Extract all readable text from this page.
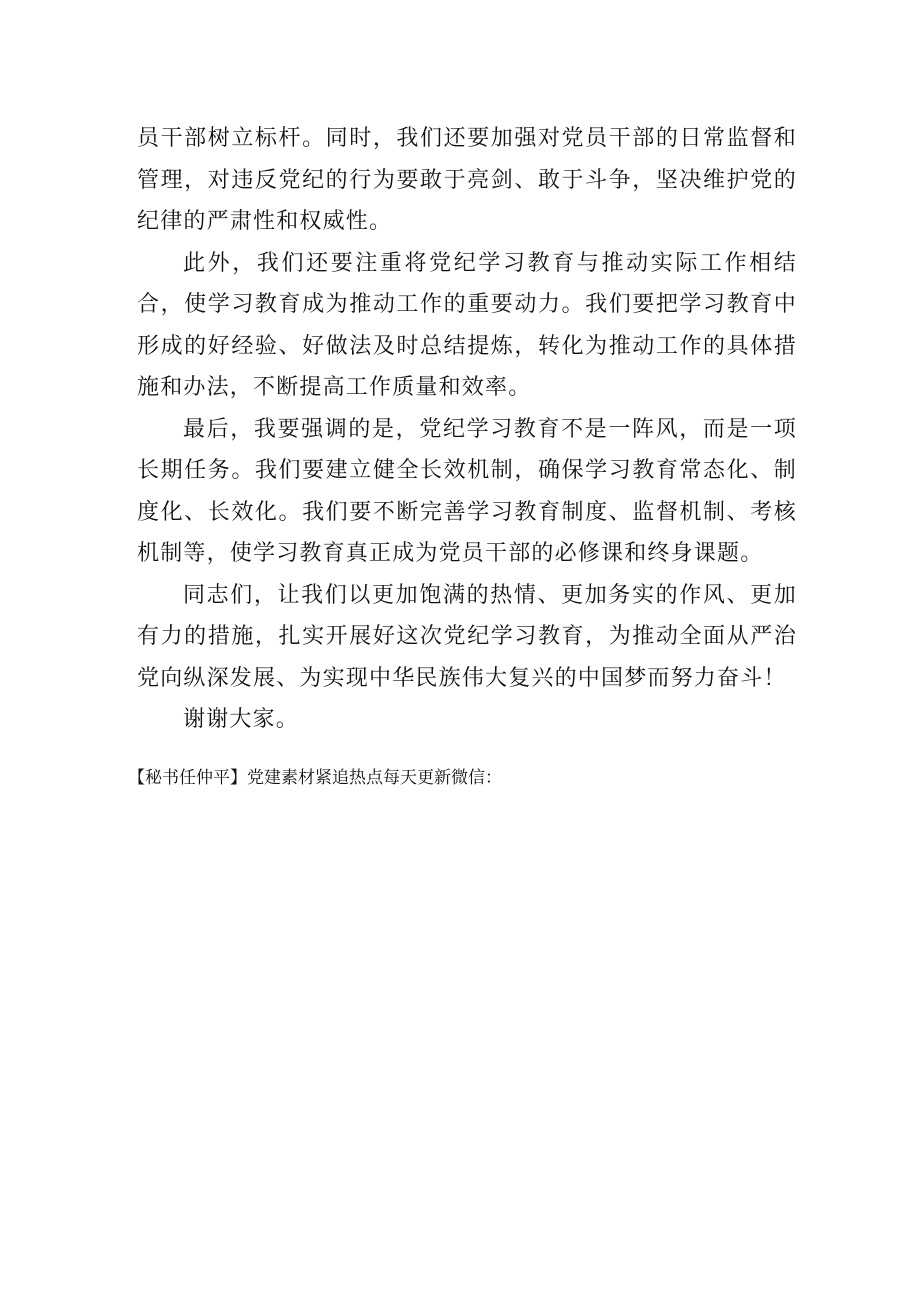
员干部树立标杆。同时，我们还要加强对党员干部的日常监督和管理，对违反党纪的行为要敢于亮剑、敢于斗争，坚决维护党的纪律的严肃性和权威性。

此外，我们还要注重将党纪学习教育与推动实际工作相结合，使学习教育成为推动工作的重要动力。我们要把学习教育中形成的好经验、好做法及时总结提炼，转化为推动工作的具体措施和办法，不断提高工作质量和效率。

最后，我要强调的是，党纪学习教育不是一阵风，而是一项长期任务。我们要建立健全长效机制，确保学习教育常态化、制度化、长效化。我们要不断完善学习教育制度、监督机制、考核机制等，使学习教育真正成为党员干部的必修课和终身课题。

同志们，让我们以更加饱满的热情、更加务实的作风、更加有力的措施，扎实开展好这次党纪学习教育，为推动全面从严治党向纵深发展、为实现中华民族伟大复兴的中国梦而努力奋斗！

谢谢大家。

【秘书任仲平】党建素材紧追热点每天更新微信：
